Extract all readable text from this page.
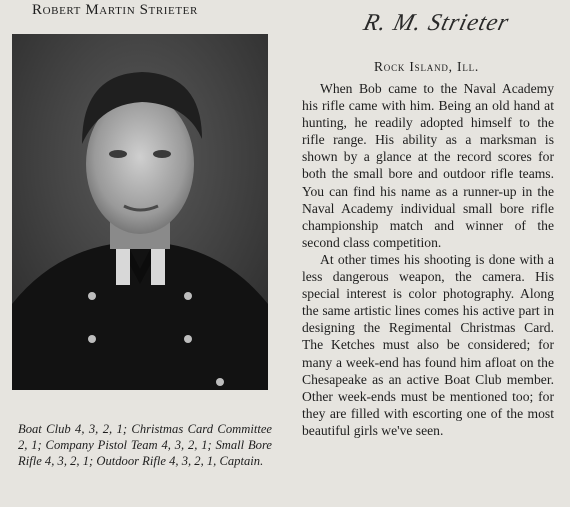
Robert Martin Strieter	R. M. Strieter
Boat Club 4, 3, 2, 1; Christmas Card Committee 2, 1; Company Pistol Team 4, 3, 2, 1; Small Bore Rifle 4, 3, 2, 1; Outdoor Rifle 4, 3, 2, 1, Captain.
Rock Island, Ill.

When Bob came to the Naval Academy his rifle came with him. Being an old hand at hunting, he readily adopted himself to the rifle range. His ability as a marksman is shown by a glance at the record scores for both the small bore and outdoor rifle teams. You can find his name as a runner-up in the Naval Academy individual small bore rifle championship match and winner of the second class competition.

At other times his shooting is done with a less dangerous weapon, the camera. His special interest is color photography. Along the same artistic lines comes his active part in designing the Regimental Christmas Card. The Ketches must also be considered; for many a week-end has found him afloat on the Chesapeake as an active Boat Club member. Other week-ends must be mentioned too; for they are filled with escorting one of the most beautiful girls we've seen.
